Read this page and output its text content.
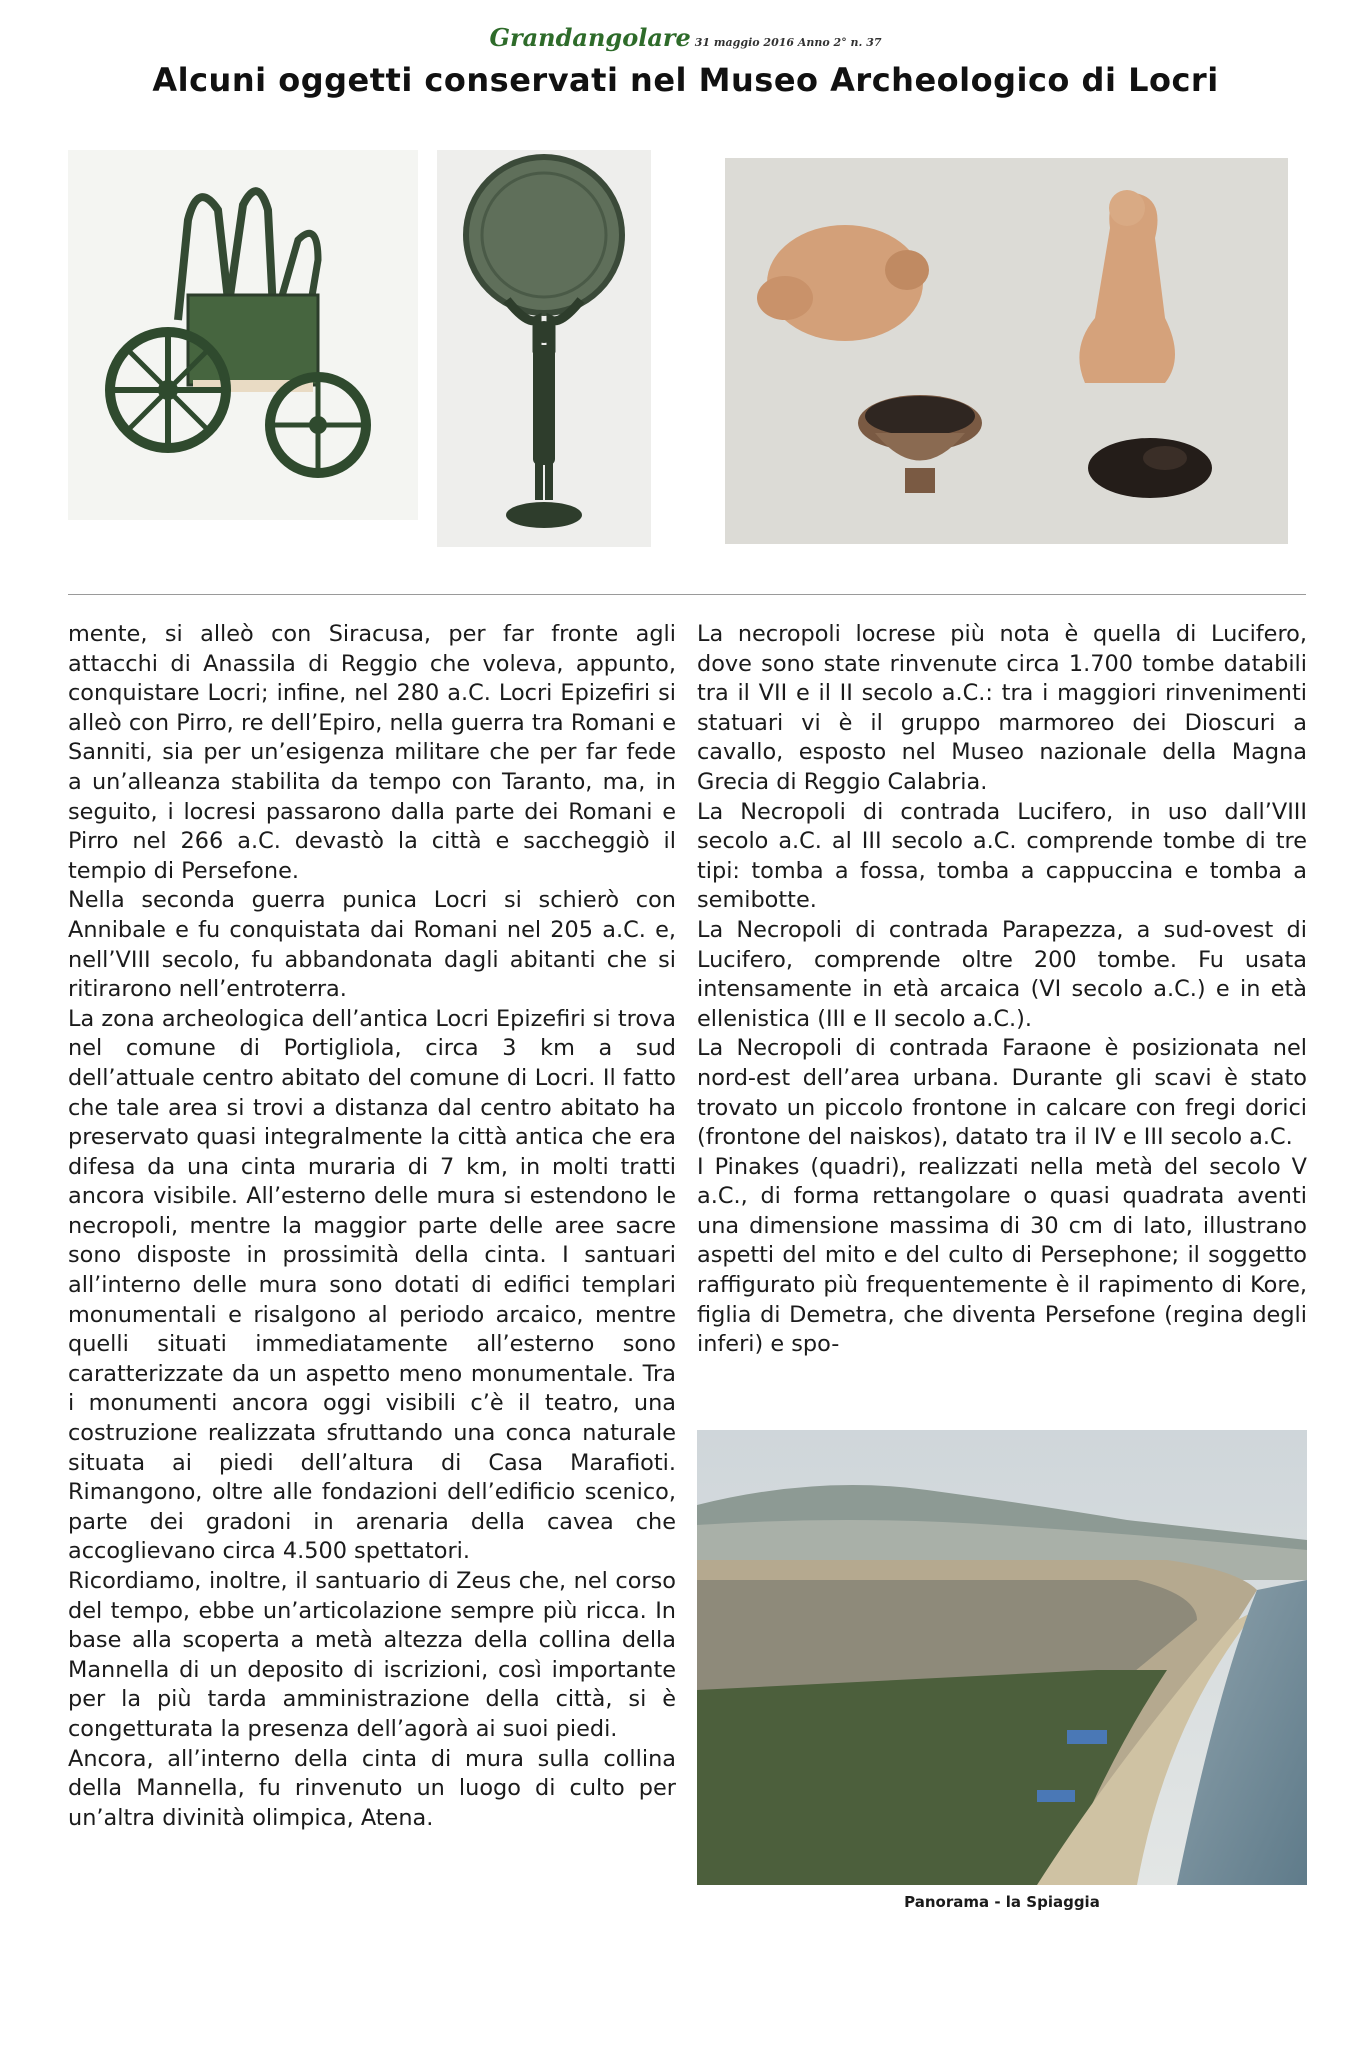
Grandangolare 31 maggio 2016 Anno 2° n. 37
Alcuni oggetti conservati nel Museo Archeologico di Locri

mente, si alleò con Siracusa, per far fronte agli attacchi di Anassila di Reggio che voleva, appunto, conquistare Locri; infine, nel 280 a.C. Locri Epizefiri si alleò con Pirro, re dell’Epiro, nella guerra tra Romani e Sanniti, sia per un’esigenza militare che per far fede a un’alleanza stabilita da tempo con Taranto, ma, in seguito, i locresi passarono dalla parte dei Romani e Pirro nel 266 a.C. devastò la città e saccheggiò il tempio di Persefone.

Nella seconda guerra punica Locri si schierò con Annibale e fu conquistata dai Romani nel 205 a.C. e, nell’VIII secolo, fu abbandonata dagli abitanti che si ritirarono nell’entroterra.

La zona archeologica dell’antica Locri Epizefiri si trova nel comune di Portigliola, circa 3 km a sud dell’attuale centro abitato del comune di Locri. Il fatto che tale area si trovi a distanza dal centro abitato ha preservato quasi integralmente la città antica che era difesa da una cinta muraria di 7 km, in molti tratti ancora visibile. All’esterno delle mura si estendono le necropoli, mentre la maggior parte delle aree sacre sono disposte in prossimità della cinta. I santuari all’interno delle mura sono dotati di edifici templari monumentali e risalgono al periodo arcaico, mentre quelli situati immediatamente all’esterno sono caratterizzate da un aspetto meno monumentale. Tra i monumenti ancora oggi visibili c’è il teatro, una costruzione realizzata sfruttando una conca naturale situata ai piedi dell’altura di Casa Marafioti. Rimangono, oltre alle fondazioni dell’edificio scenico, parte dei gradoni in arenaria della cavea che accoglievano circa 4.500 spettatori.

Ricordiamo, inoltre, il santuario di Zeus che, nel corso del tempo, ebbe un’articolazione sempre più ricca. In base alla scoperta a metà altezza della collina della Mannella di un deposito di iscrizioni, così importante per la più tarda amministrazione della città, si è congetturata la presenza dell’agorà ai suoi piedi.

Ancora, all’interno della cinta di mura sulla collina della Mannella, fu rinvenuto un luogo di culto per un’altra divinità olimpica, Atena.

La necropoli locrese più nota è quella di Lucifero, dove sono state rinvenute circa 1.700 tombe databili tra il VII e il II secolo a.C.: tra i maggiori rinvenimenti statuari vi è il gruppo marmoreo dei Dioscuri a cavallo, esposto nel Museo nazionale della Magna Grecia di Reggio Calabria.

La Necropoli di contrada Lucifero, in uso dall’VIII secolo a.C. al III secolo a.C. comprende tombe di tre tipi: tomba a fossa, tomba a cappuccina e tomba a semibotte.

La Necropoli di contrada Parapezza, a sud-ovest di Lucifero, comprende oltre 200 tombe. Fu usata intensamente in età arcaica (VI secolo a.C.) e in età ellenistica (III e II secolo a.C.).

La Necropoli di contrada Faraone è posizionata nel nord-est dell’area urbana. Durante gli scavi è stato trovato un piccolo frontone in calcare con fregi dorici (frontone del naiskos), datato tra il IV e III secolo a.C.

I Pinakes (quadri), realizzati nella metà del secolo V a.C., di forma rettangolare o quasi quadrata aventi una dimensione massima di 30 cm di lato, illustrano aspetti del mito e del culto di Persephone; il soggetto raffigurato più frequentemente è il rapimento di Kore, figlia di Demetra, che diventa Persefone (regina degli inferi) e spo-

Panorama - la Spiaggia
